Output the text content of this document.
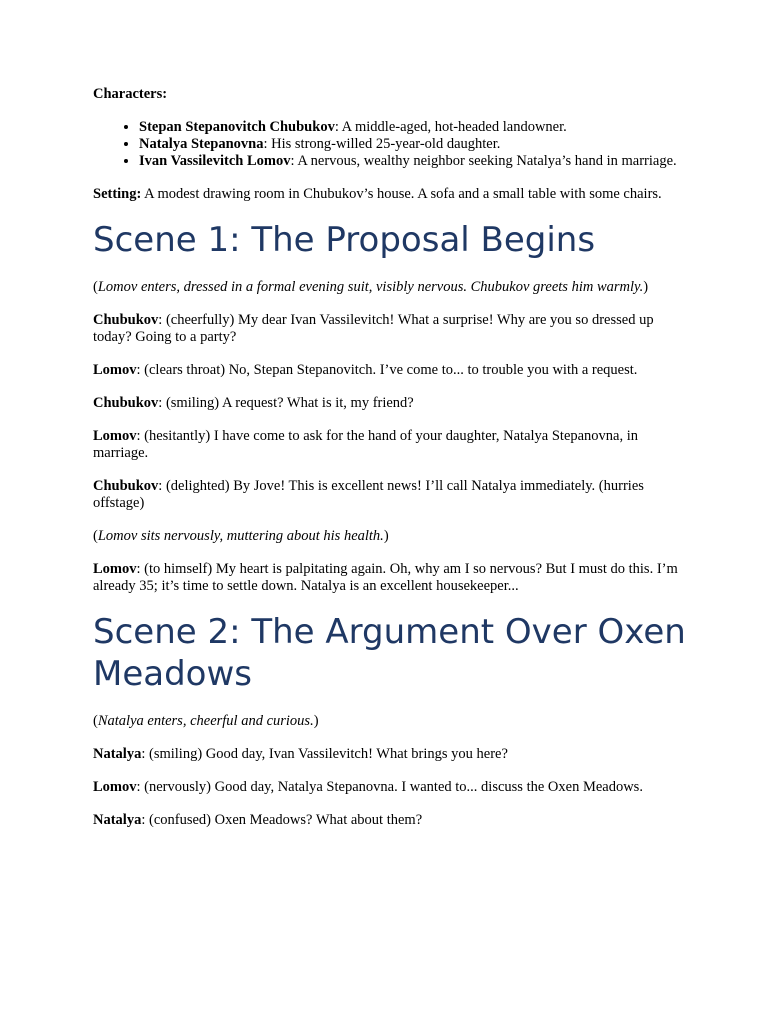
Characters:

• Stepan Stepanovitch Chubukov: A middle-aged, hot-headed landowner.
• Natalya Stepanovna: His strong-willed 25-year-old daughter.
• Ivan Vassilevitch Lomov: A nervous, wealthy neighbor seeking Natalya’s hand in marriage.

Setting: A modest drawing room in Chubukov’s house. A sofa and a small table with some chairs.

Scene 1: The Proposal Begins

(Lomov enters, dressed in a formal evening suit, visibly nervous. Chubukov greets him warmly.)

Chubukov: (cheerfully) My dear Ivan Vassilevitch! What a surprise! Why are you so dressed up today? Going to a party?

Lomov: (clears throat) No, Stepan Stepanovitch. I’ve come to... to trouble you with a request.

Chubukov: (smiling) A request? What is it, my friend?

Lomov: (hesitantly) I have come to ask for the hand of your daughter, Natalya Stepanovna, in marriage.

Chubukov: (delighted) By Jove! This is excellent news! I’ll call Natalya immediately. (hurries offstage)

(Lomov sits nervously, muttering about his health.)

Lomov: (to himself) My heart is palpitating again. Oh, why am I so nervous? But I must do this. I’m already 35; it’s time to settle down. Natalya is an excellent housekeeper...

Scene 2: The Argument Over Oxen Meadows

(Natalya enters, cheerful and curious.)

Natalya: (smiling) Good day, Ivan Vassilevitch! What brings you here?

Lomov: (nervously) Good day, Natalya Stepanovna. I wanted to... discuss the Oxen Meadows.

Natalya: (confused) Oxen Meadows? What about them?
